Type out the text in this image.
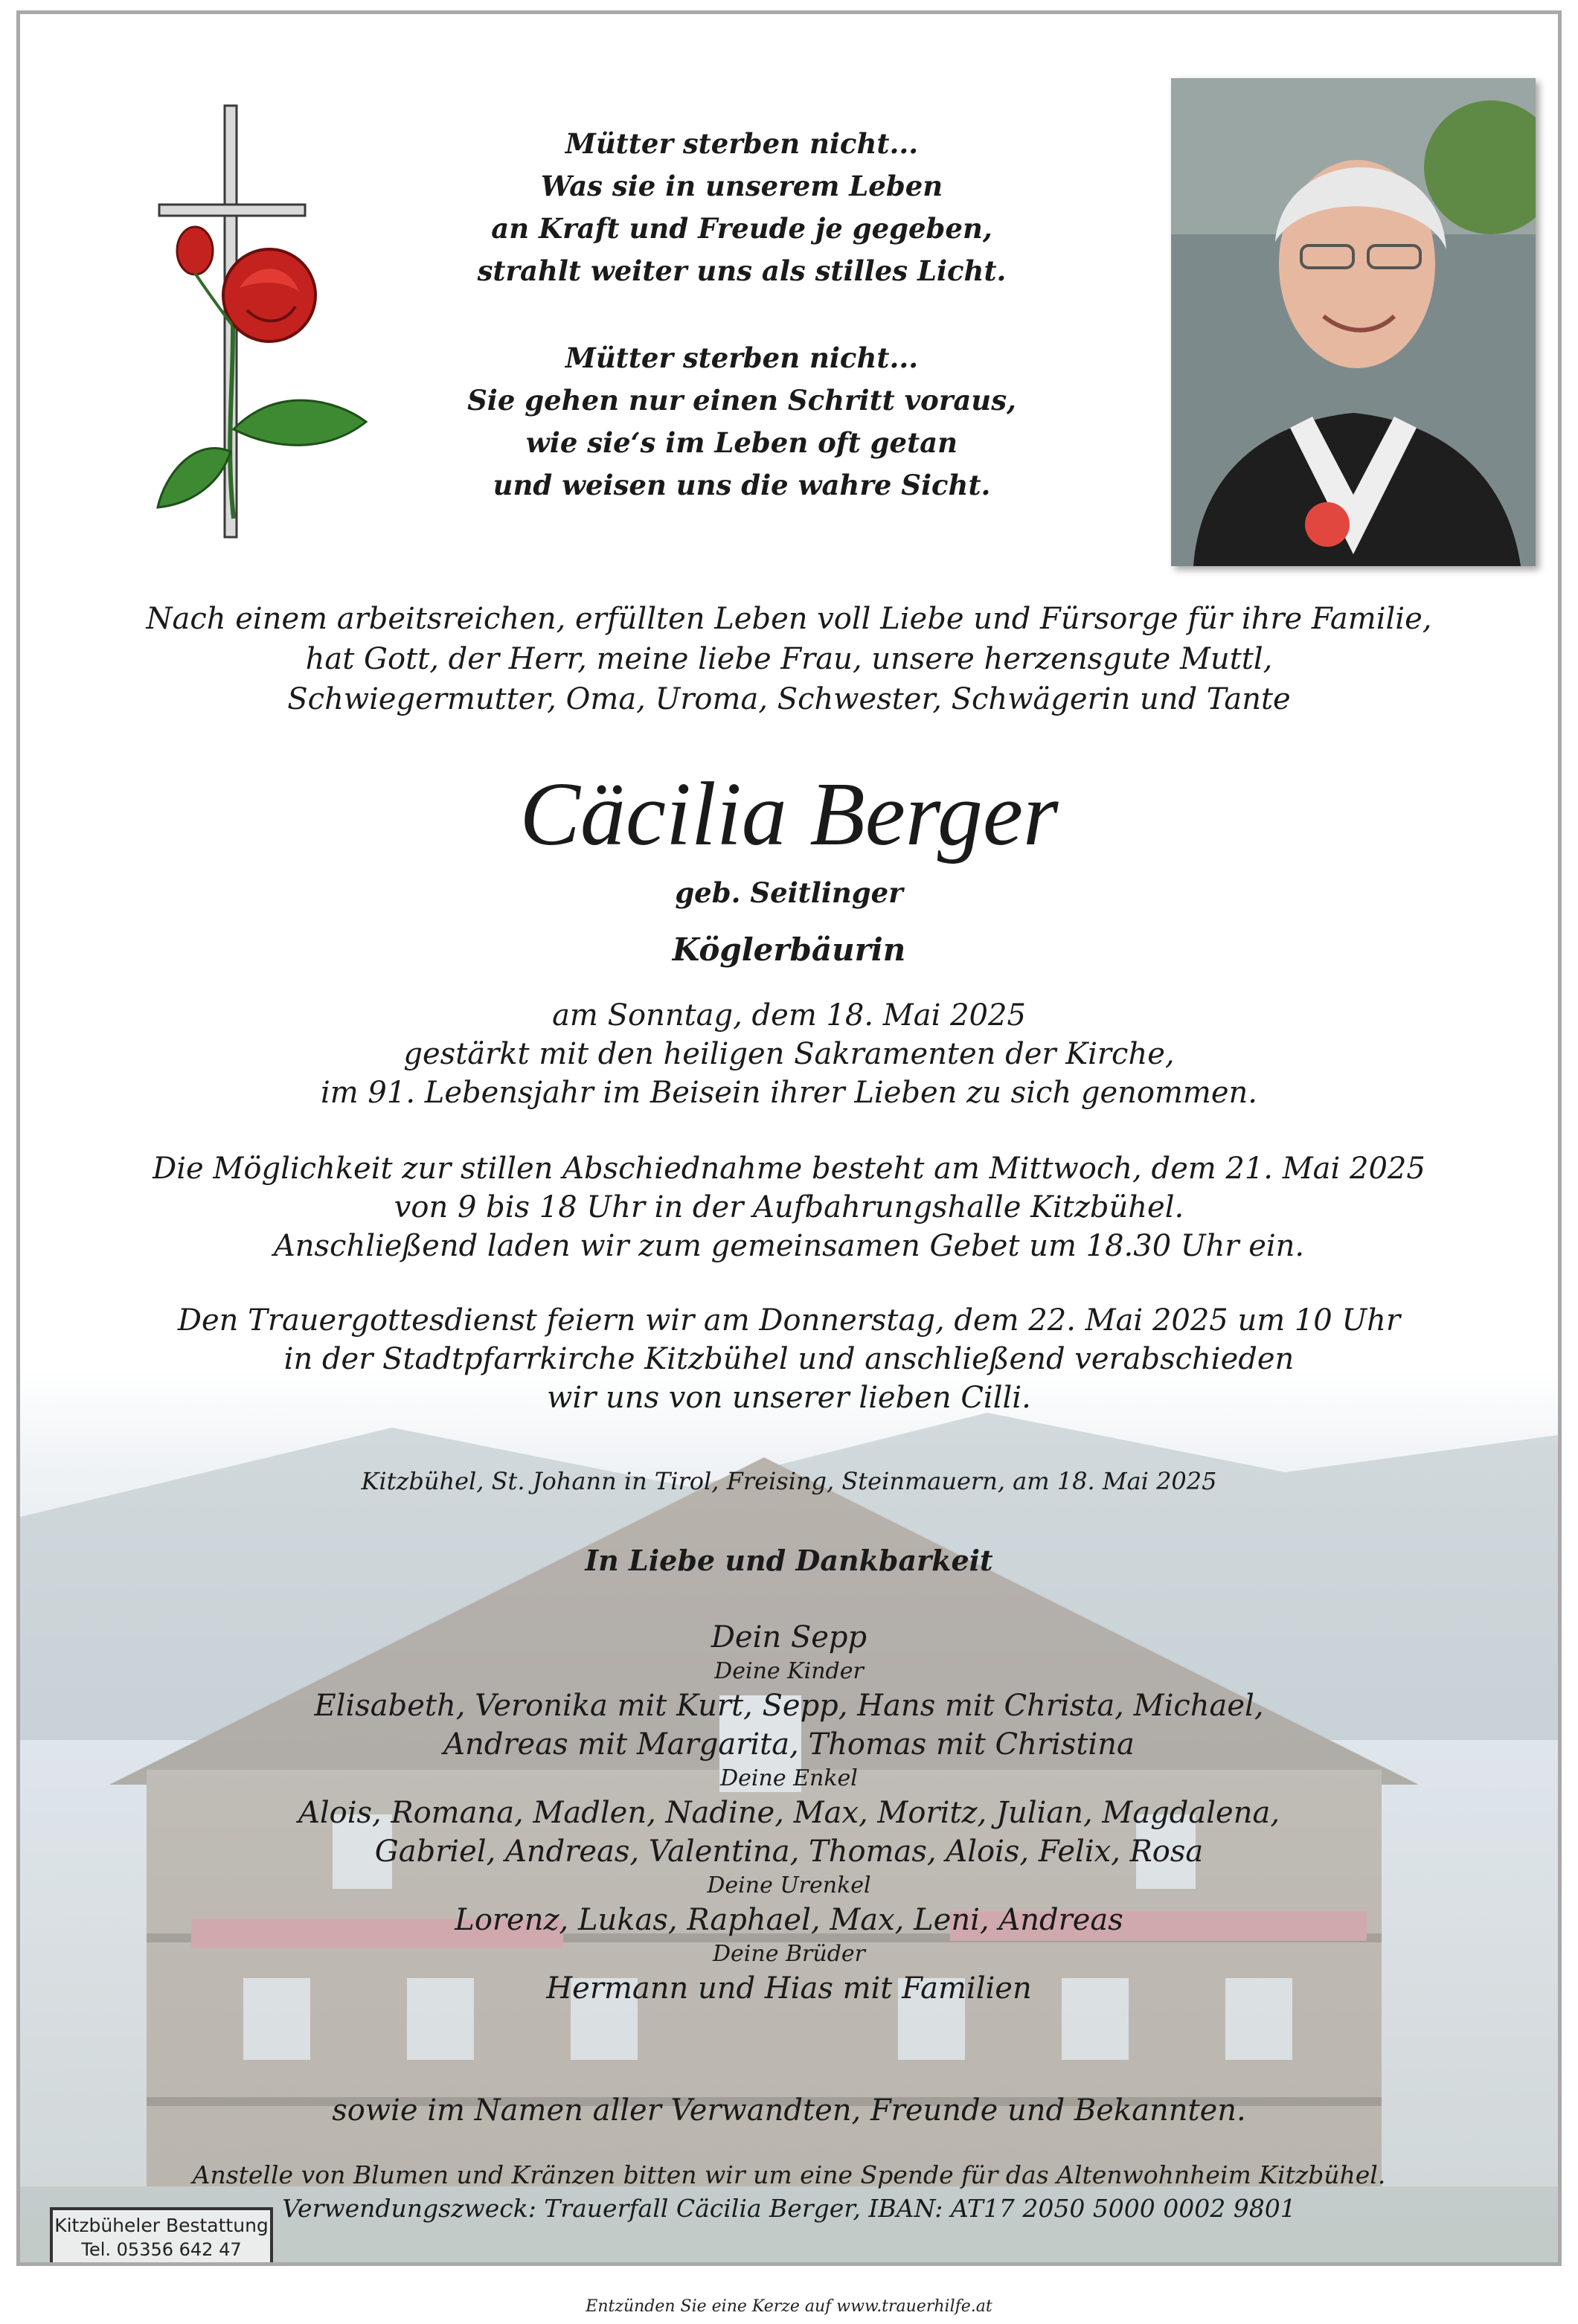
Mütter sterben nicht...
Was sie in unserem Leben
an Kraft und Freude je gegeben,
strahlt weiter uns als stilles Licht.
Mütter sterben nicht...
Sie gehen nur einen Schritt voraus,
wie sie‘s im Leben oft getan
und weisen uns die wahre Sicht.
Nach einem arbeitsreichen, erfüllten Leben voll Liebe und Fürsorge für ihre Familie,
hat Gott, der Herr, meine liebe Frau, unsere herzensgute Muttl,
Schwiegermutter, Oma, Uroma, Schwester, Schwägerin und Tante
Cäcilia Berger
geb. Seitlinger
Köglerbäurin
am Sonntag, dem 18. Mai 2025
gestärkt mit den heiligen Sakramenten der Kirche,
im 91. Lebensjahr im Beisein ihrer Lieben zu sich genommen.
Die Möglichkeit zur stillen Abschiednahme besteht am Mittwoch, dem 21. Mai 2025
von 9 bis 18 Uhr in der Aufbahrungshalle Kitzbühel.
Anschließend laden wir zum gemeinsamen Gebet um 18.30 Uhr ein.
Den Trauergottesdienst feiern wir am Donnerstag, dem 22. Mai 2025 um 10 Uhr
in der Stadtpfarrkirche Kitzbühel und anschließend verabschieden
wir uns von unserer lieben Cilli.
Kitzbühel, St. Johann in Tirol, Freising, Steinmauern, am 18. Mai 2025
In Liebe und Dankbarkeit
Dein Sepp
Deine Kinder
Elisabeth, Veronika mit Kurt, Sepp, Hans mit Christa, Michael,
Andreas mit Margarita, Thomas mit Christina
Deine Enkel
Alois, Romana, Madlen, Nadine, Max, Moritz, Julian, Magdalena,
Gabriel, Andreas, Valentina, Thomas, Alois, Felix, Rosa
Deine Urenkel
Lorenz, Lukas, Raphael, Max, Leni, Andreas
Deine Brüder
Hermann und Hias mit Familien
sowie im Namen aller Verwandten, Freunde und Bekannten.
Anstelle von Blumen und Kränzen bitten wir um eine Spende für das Altenwohnheim Kitzbühel.
Verwendungszweck: Trauerfall Cäcilia Berger, IBAN: AT17 2050 5000 0002 9801
Kitzbüheler Bestattung
Tel. 05356 642 47
Entzünden Sie eine Kerze auf www.trauerhilfe.at
